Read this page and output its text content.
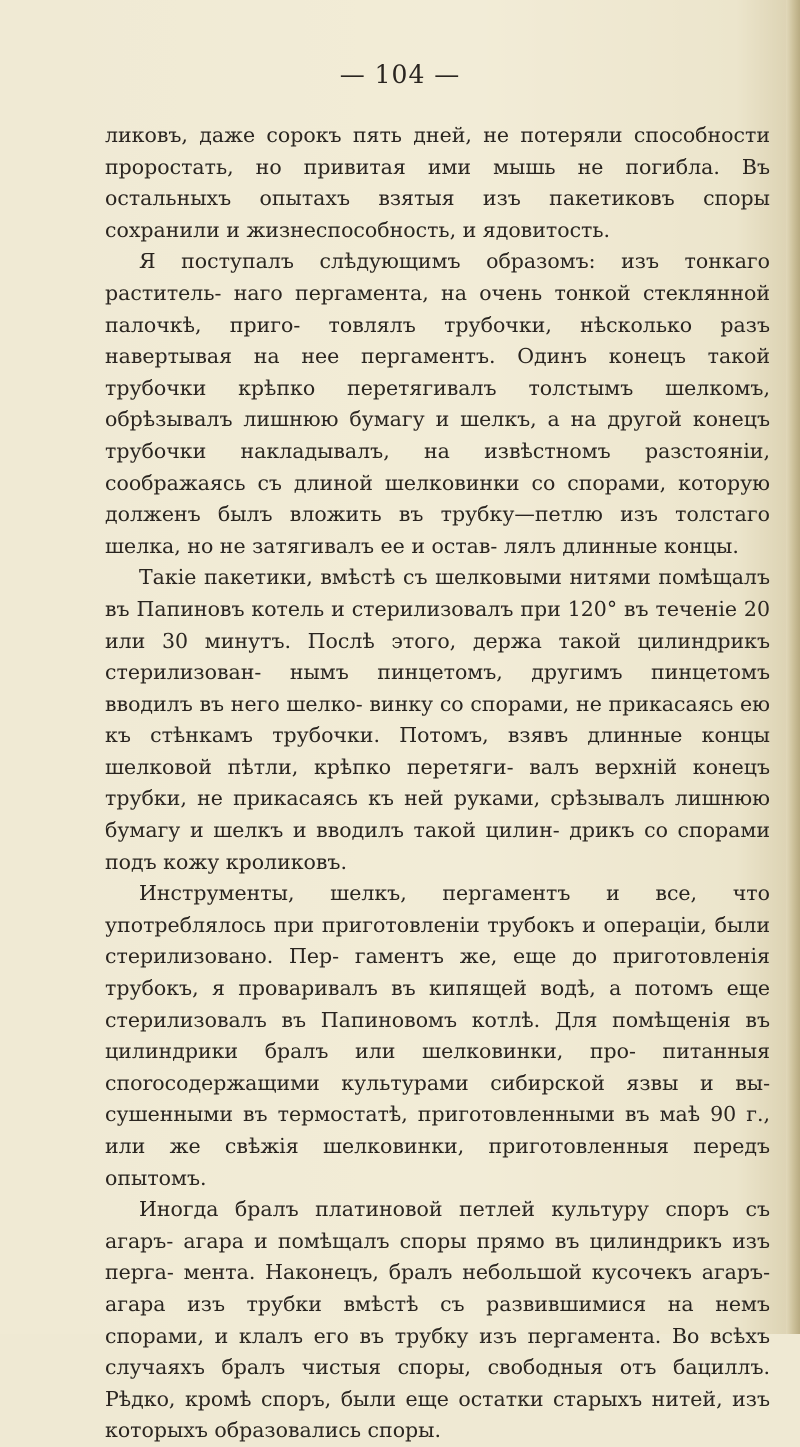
— 104 —

ликовъ, даже сорокъ пять дней, не потеряли способности проростать, но привитая ими мышь не погибла. Въ остальныхъ опытахъ взятыя изъ пакетиковъ споры сохранили и жизнеспособность, и ядовитость.

Я поступалъ слѣдующимъ образомъ: изъ тонкаго раститель- наго пергамента, на очень тонкой стеклянной палочкѣ, приго- товлялъ трубочки, нѣсколько разъ навертывая на нее пергаментъ. Одинъ конецъ такой трубочки крѣпко перетягивалъ толстымъ шелкомъ, обрѣзывалъ лишнюю бумагу и шелкъ, а на другой конецъ трубочки накладывалъ, на извѣстномъ разстояніи, соображаясь съ длиной шелковинки со спорами, которую долженъ былъ вложить въ трубку—петлю изъ толстаго шелка, но не затягивалъ ее и остав- лялъ длинные концы.

Такіе пакетики, вмѣстѣ съ шелковыми нитями помѣщалъ въ Папиновъ котель и стерилизовалъ при 120° въ теченіе 20 или 30 минутъ. Послѣ этого, держа такой цилиндрикъ стерилизован- нымъ пинцетомъ, другимъ пинцетомъ вводилъ въ него шелко- винку со спорами, не прикасаясь ею къ стѣнкамъ трубочки. Потомъ, взявъ длинные концы шелковой пѣтли, крѣпко перетяги- валъ верхній конецъ трубки, не прикасаясь къ ней руками, срѣзывалъ лишнюю бумагу и шелкъ и вводилъ такой цилин- дрикъ со спорами подъ кожу кроликовъ.

Инструменты, шелкъ, пергаментъ и все, что употреблялось при приготовленіи трубокъ и операціи, были стерилизовано. Пер- гаментъ же, еще до приготовленія трубокъ, я проваривалъ въ кипящей водѣ, а потомъ еще стерилизовалъ въ Папиновомъ котлѣ. Для помѣщенія въ цилиндрики бралъ или шелковинки, про- питанныя спorосодержащими культурами сибирской язвы и вы- сушенными въ термостатѣ, приготовленными въ маѣ 90 г., или же свѣжія шелковинки, приготовленныя передъ опытомъ.

Иногда бралъ платиновой петлей культуру споръ съ агаръ- агара и помѣщалъ споры прямо въ цилиндрикъ изъ перга- мента. Наконецъ, бралъ небольшой кусочекъ агаръ-агара изъ трубки вмѣстѣ съ развившимися на немъ спорами, и клалъ его въ трубку изъ пергамента. Во всѣхъ случаяхъ бралъ чистыя споры, свободныя отъ бациллъ. Рѣдко, кромѣ споръ, были еще остатки старыхъ нитей, изъ которыхъ образовались споры.
